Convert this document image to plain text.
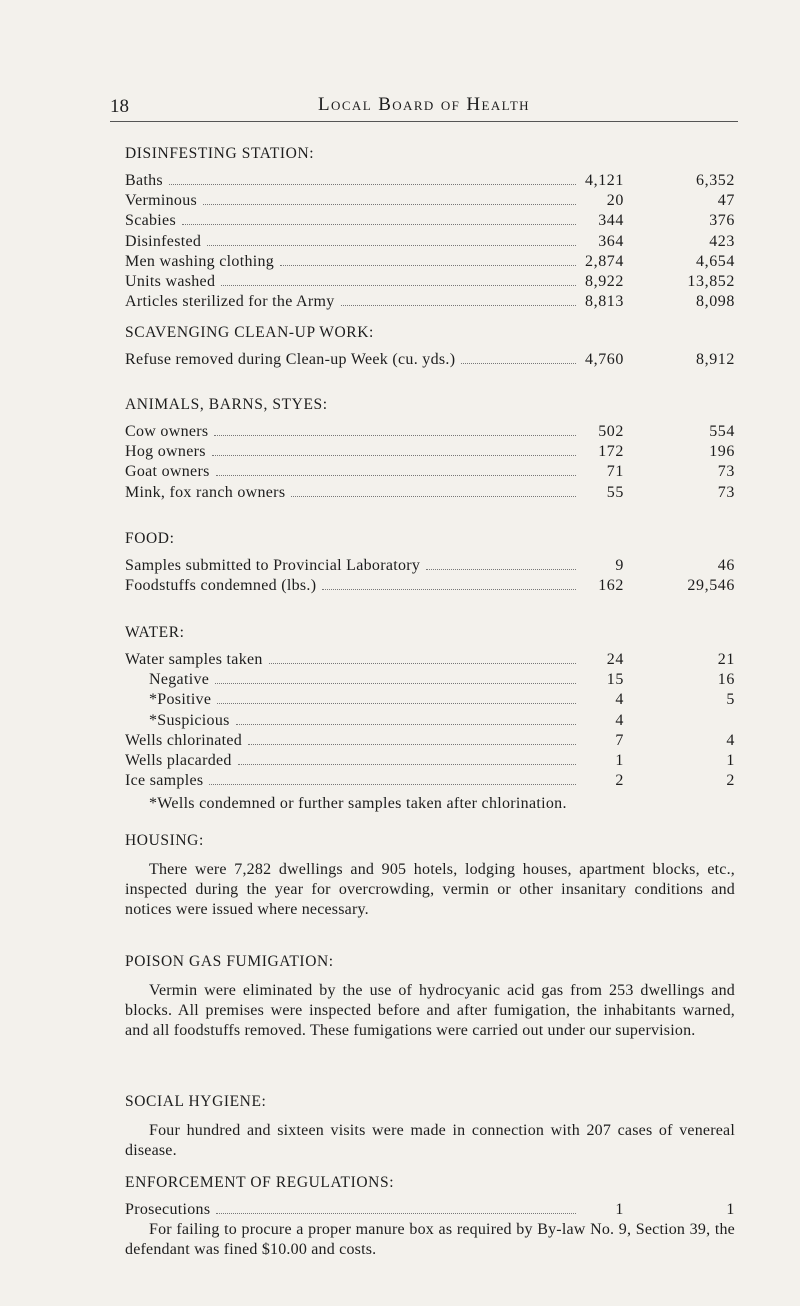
18	Local Board of Health
DISINFESTING STATION:
Baths	4,121	6,352
Verminous	20	47
Scabies	344	376
Disinfested	364	423
Men washing clothing	2,874	4,654
Units washed	8,922	13,852
Articles sterilized for the Army	8,813	8,098
SCAVENGING CLEAN-UP WORK:
Refuse removed during Clean-up Week (cu. yds.)	4,760	8,912
ANIMALS, BARNS, STYES:
Cow owners	502	554
Hog owners	172	196
Goat owners	71	73
Mink, fox ranch owners	55	73
FOOD:
Samples submitted to Provincial Laboratory	9	46
Foodstuffs condemned (lbs.)	162	29,546
WATER:
Water samples taken	24	21
Negative	15	16
*Positive	4	5
*Suspicious	4
Wells chlorinated	7	4
Wells placarded	1	1
Ice samples	2	2
*Wells condemned or further samples taken after chlorination.
HOUSING:
There were 7,282 dwellings and 905 hotels, lodging houses, apartment blocks, etc., inspected during the year for overcrowding, vermin or other insanitary conditions and notices were issued where necessary.
POISON GAS FUMIGATION:
Vermin were eliminated by the use of hydrocyanic acid gas from 253 dwellings and blocks. All premises were inspected before and after fumigation, the inhabitants warned, and all foodstuffs removed. These fumigations were carried out under our supervision.
SOCIAL HYGIENE:
Four hundred and sixteen visits were made in connection with 207 cases of venereal disease.
ENFORCEMENT OF REGULATIONS:
Prosecutions	1	1
For failing to procure a proper manure box as required by By-law No. 9, Section 39, the defendant was fined $10.00 and costs.
